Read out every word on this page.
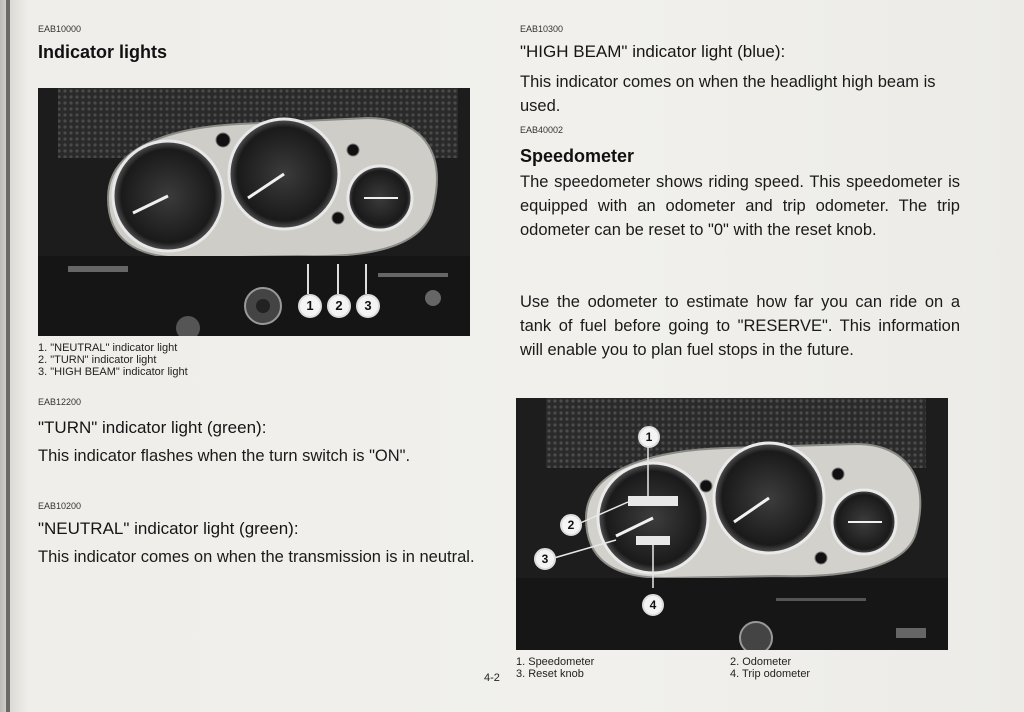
EAB10000
Indicator lights
1	2	3
1. "NEUTRAL" indicator light
2. "TURN" indicator light
3. "HIGH BEAM" indicator light
EAB12200
"TURN" indicator light (green):
This indicator flashes when the turn switch is "ON".
EAB10200
"NEUTRAL" indicator light (green):
This indicator comes on when the transmission is in neutral.
EAB10300
"HIGH BEAM" indicator light (blue):
This indicator comes on when the headlight high beam is used.
EAB40002
Speedometer
The speedometer shows riding speed. This speedometer is equipped with an odometer and trip odometer. The trip odometer can be reset to "0" with the reset knob.
Use the odometer to estimate how far you can ride on a tank of fuel before going to "RESERVE". This information will enable you to plan fuel stops in the future.
1
2
3
4
4-2
1. Speedometer
3. Reset knob
2. Odometer
4. Trip odometer
